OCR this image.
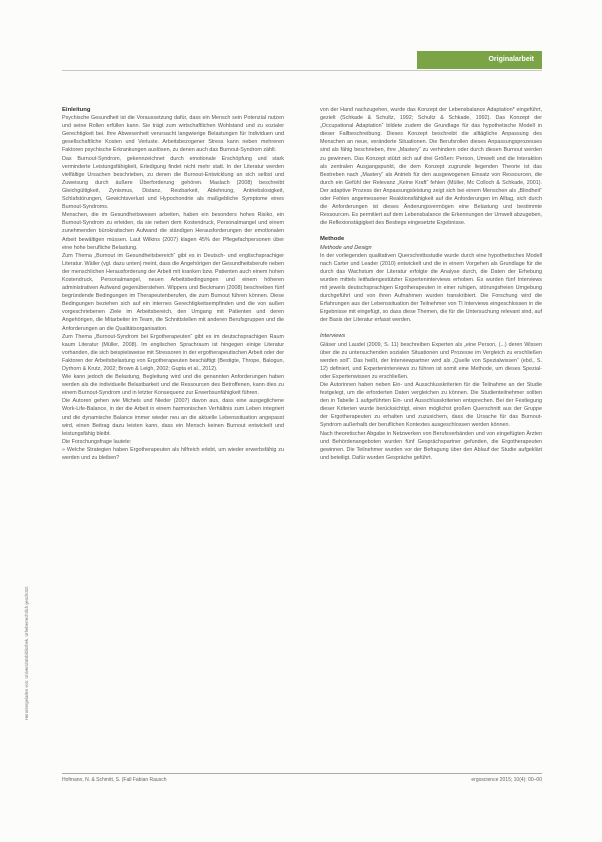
Originalarbeit
Heruntergeladen von: Universitätsbibliothek. Urheberrechtlich geschützt.
Einleitung

Psychische Gesundheit ist die Voraussetzung dafür, dass ein Mensch sein Potenzial nutzen und seine Rollen erfüllen kann. Sie trägt zum wirtschaftlichen Wohlstand und zu sozialer Gerechtigkeit bei. Ihre Abwesenheit verursacht langwierige Belastungen für Individuen und gesellschaftliche Kosten und Verluste. Arbeitsbezogener Stress kann neben mehreren Faktoren psychische Erkrankungen auslösen, zu denen auch das Burnout-Syndrom zählt.

Das Burnout-Syndrom, gekennzeichnet durch emotionale Erschöpfung und stark verminderte Leistungsfähigkeit, Erledigung findet nicht mehr statt. In der Literatur werden vielfältige Ursachen beschrieben, zu denen die Burnout-Entwicklung an sich selbst und Zuweisung durch äußere Überforderung gehören. Maslach (2008) beschreibt Gleichgültigkeit, Zynismus, Distanz, Reizbarkeit, Ablehnung, Antriebslosigkeit, Schlafstörungen, Gewichtsverlust und Hypochondrie als maßgebliche Symptome eines Burnout-Syndroms.

Menschen, die im Gesundheitswesen arbeiten, haben ein besonders hohes Risiko, ein Burnout-Syndrom zu erleiden, da sie neben dem Kostendruck, Personalmangel und einem zunehmenden bürokratischen Aufwand die ständigen Herausforderungen der emotionalen Arbeit bewältigen müssen. Laut Wilkins (2007) klagen 45% der Pflegefachpersonen über eine hohe berufliche Belastung.

Zum Thema „Burnout im Gesundheitsbereich“ gibt es in Deutsch- und englischsprachiger Literatur. Wäller (vgl. dazu unten) meint, dass die Angehörigen der Gesundheitsberufe neben der menschlichen Herausforderung der Arbeit mit kranken bzw. Patienten auch einem hohen Kostendruck, Personalmangel, neuen Arbeitsbedingungen und einem höheren administrativen Aufwand gegenüberstehen. Wippers und Beckmann (2008) beschreiben fünf begründende Bedingungen im Therapeutenberufen, die zum Burnout führen können. Diese Bedingungen beziehen sich auf ein internes Gerechtigkeitsempfinden und die von außen vorgeschriebenen Ziele im Arbeitsbereich, den Umgang mit Patienten und deren Angehörigen, die Mitarbeiter im Team, die Schnittstellen mit anderen Berufsgruppen und die Anforderungen an die Qualitätsorganisation.

Zum Thema „Burnout-Syndrom bei Ergotherapeuten“ gibt es im deutschsprachigen Raum kaum Literatur (Müller, 2008). Im englischen Sprachraum ist hingegen einige Literatur vorhanden, die sich beispielsweise mit Stressoren in der ergotherapeutischen Arbeit oder der Faktoren der Arbeitsbelastung von Ergotherapeuten beschäftigt (Bestigte, Thrope, Balogun, Dyrhorn & Krutz, 2002; Brown & Leigh, 2002; Gupta et al., 2012).

Wie kann jedoch die Belastung, Begleitung wird und die genannten Anforderungen haben werden als die individuelle Belastbarkeit und die Ressourcen des Betroffenen, kann dies zu einem Burnout-Syndrom und in letzter Konsequenz zur Erwerbsunfähigkeit führen.

Die Autoren gehen wie Michels und Nieder (2007) davon aus, dass eine ausgeglichene Work-Life-Balance, in der die Arbeit in einem harmonischen Verhältnis zum Leben integriert und die dynamische Balance immer wieder neu an die aktuelle Lebenssituation angepasst wird, einen Beitrag dazu leisten kann, dass ein Mensch keinen Burnout entwickelt und leistungsfähig bleibt.

Die Forschungsfrage lautete:

» Welche Strategien haben Ergotherapeuten als hilfreich erlebt, um wieder erwerbsfähig zu werden und zu bleiben?

von der Hand nachzugehen, wurde das Konzept der Lebensbalance Adaptation* eingeführt, gezielt (Schkade & Schultz, 1992; Schultz & Schkade, 1992). Das Konzept der „Occupational Adaptation“ bildete zudem die Grundlage für das hypothetische Modell in dieser Fallbeschreibung. Dieses Konzept beschreibt die alltägliche Anpassung des Menschen an neue, veränderte Situationen. Die Berufsrollen dieses Anpassungsprozesses sind als fähig beschrieben, ihre „Mastery“ zu verhindern oder durch diesen Burnout werden zu gewinnen. Das Konzept stützt sich auf drei Größen: Person, Umwelt und die Interaktion als zentralen Ausgangspunkt, die dem Konzept zugrunde liegenden Theorie ist das Bestreben nach „Mastery“ als Antrieb für den ausgewogenen Einsatz von Ressourcen, die durch ein Gefühl der Relevanz „Keine Kraft“ fehlen (Müller, Mc Colloch & Schkade, 2001). Der adaptive Prozess der Anpassungsleistung zeigt sich bei einem Menschen als „Blindheit“ oder Fehlen angemessener Reaktionsfähigkeit auf die Anforderungen im Alltag, sich durch die Anforderungen ist dieses Änderungsvermögen eine Belastung und bestimmte Ressourcen. Es permitiert auf dem Lebensbalance die Erkennungen der Umwelt abzugeben, die Reflexionstägigkeit des Bestiegs eingesetzte Ergebnisse.

Methode
Methode und Design

In der vorliegenden qualitativen Querschnittsstudie wurde durch eine hypothetisches Modell nach Carter und Leader (2010) entwickelt und die in einem Vorgehen als Grundlage für die durch das Wachstum der Literatur erfolgte die Analyse durch, die Daten der Erhebung wurden mittels leitfadengestützter Experteninterviews erhoben. Es wurden fünf Interviews mit jeweils deutschsprachigen Ergotherapeuten in einer ruhigen, störungsfreien Umgebung durchgeführt und von ihren Aufnahmen wurden transkribiert. Die Forschung wird die Erfahrungen aus der Lebenssituation der Teilnehmer von Tl Interviews eingeschlossen in die Ergebnisse mit eingefügt, so dass diese Themen, die für die Untersuchung relevant sind, auf der Basis der Literatur erfasst werden.

Interviews

Gläser und Laudel (2009, S. 11) beschreiben Experten als „eine Person, (...) deren Wissen über die zu untersuchenden sozialen Situationen und Prozesse im Vergleich zu erschließen werden soll“. Das heißt, der Interviewpartner wird als „Quelle von Spezialwissen“ (ebd., S. 12) definiert, und Experteninterviews zu führen ist somit eine Methode, um dieses Spezial- oder Expertenwissen zu erschließen.

Die Autorinnen haben neben Ein- und Ausschlusskriterien für die Teilnahme an der Studie festgelegt, um die erforderten Daten vergleichen zu können. Die Studienteilnehmer sollten den in Tabelle 1 aufgeführten Ein- und Ausschlusskriterien entsprechen. Bei der Festlegung dieser Kriterien wurde berücksichtigt, einen möglichst großen Querschnitt aus der Gruppe der Ergotherapeuten zu erhalten und zuzusichern, dass die Ursache für das Burnout-Syndrom außerhalb der beruflichen Kontextes ausgeschlossen werden können.

Nach theoretischer Abgabe in Netzwerken von Berufsverbänden und von eingefügten Ärzten und Behördenangeboten wurden fünf Gesprächspartner gefunden, die Ergotherapeuten gewinnen. Die Teilnehmer wurden vor der Befragung über den Ablauf der Studie aufgeklärt und beteiligt. Dafür wurden Gespräche geführt.

Hofmann, N. & Schmitt, S. (Fall Fabian Rausch	ergoscience 2015; 10(4): 00–00
